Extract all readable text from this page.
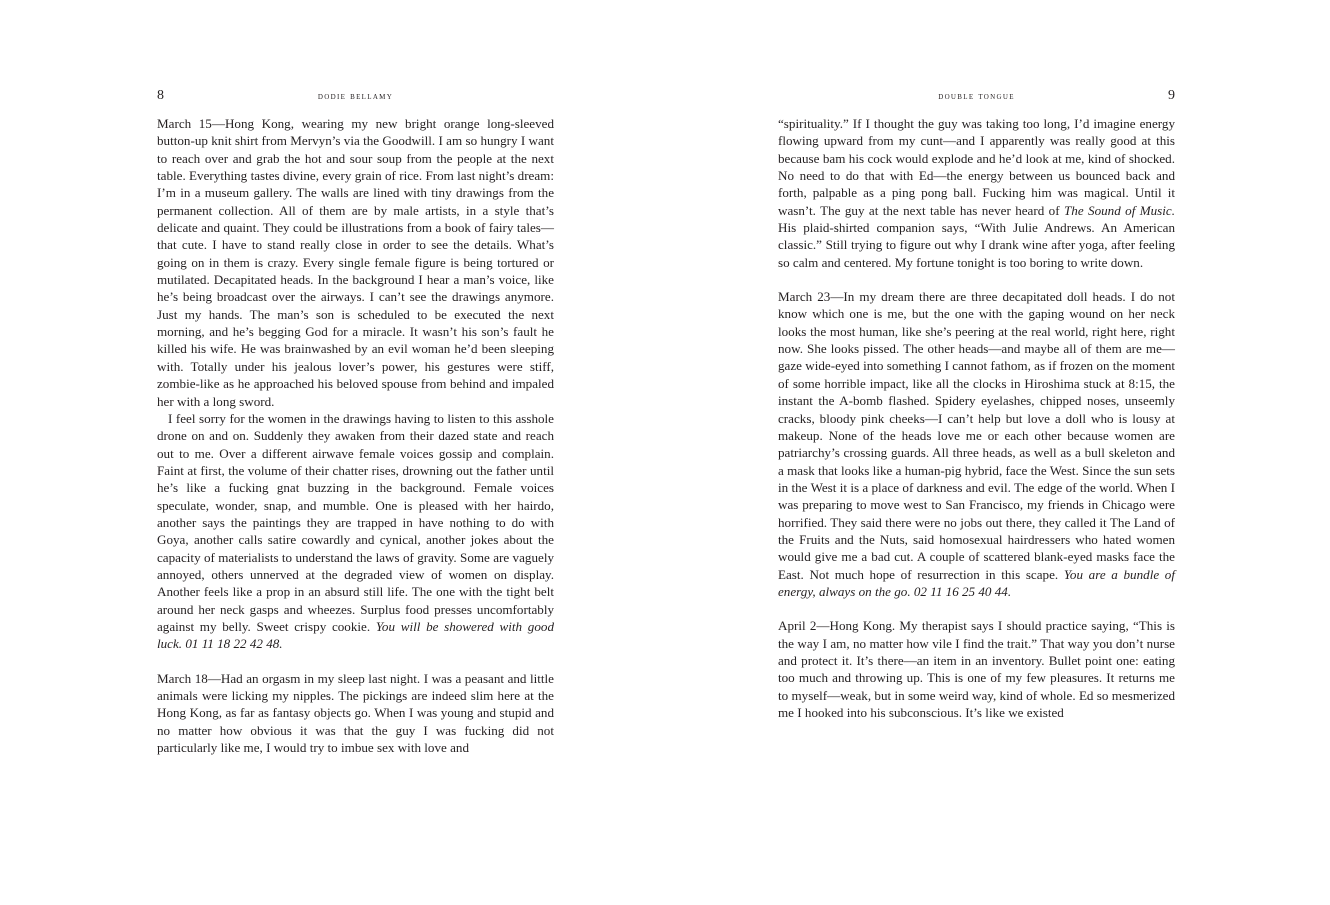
8	dodie bellamy

March 15—Hong Kong, wearing my new bright orange long-sleeved button-up knit shirt from Mervyn’s via the Goodwill. I am so hungry I want to reach over and grab the hot and sour soup from the people at the next table. Everything tastes divine, every grain of rice. From last night’s dream: I’m in a museum gallery. The walls are lined with tiny drawings from the permanent collection. All of them are by male artists, in a style that’s delicate and quaint. They could be illustrations from a book of fairy tales—that cute. I have to stand really close in order to see the details. What’s going on in them is crazy. Every single female figure is being tortured or mutilated. Decapitated heads. In the background I hear a man’s voice, like he’s being broadcast over the airways. I can’t see the drawings anymore. Just my hands. The man’s son is scheduled to be executed the next morning, and he’s begging God for a miracle. It wasn’t his son’s fault he killed his wife. He was brainwashed by an evil woman he’d been sleeping with. Totally under his jealous lover’s power, his gestures were stiff, zombie-like as he approached his beloved spouse from behind and impaled her with a long sword.

I feel sorry for the women in the drawings having to listen to this asshole drone on and on. Suddenly they awaken from their dazed state and reach out to me. Over a different airwave female voices gossip and complain. Faint at first, the volume of their chatter rises, drowning out the father until he’s like a fucking gnat buzzing in the background. Female voices speculate, wonder, snap, and mumble. One is pleased with her hairdo, another says the paintings they are trapped in have nothing to do with Goya, another calls satire cowardly and cynical, another jokes about the capacity of materialists to understand the laws of gravity. Some are vaguely annoyed, others unnerved at the degraded view of women on display. Another feels like a prop in an absurd still life. The one with the tight belt around her neck gasps and wheezes. Surplus food presses uncomfortably against my belly. Sweet crispy cookie. You will be showered with good luck. 01 11 18 22 42 48.

March 18—Had an orgasm in my sleep last night. I was a peasant and little animals were licking my nipples. The pickings are indeed slim here at the Hong Kong, as far as fantasy objects go. When I was young and stupid and no matter how obvious it was that the guy I was fucking did not particularly like me, I would try to imbue sex with love and

double tongue	9

“spirituality.” If I thought the guy was taking too long, I’d imagine energy flowing upward from my cunt—and I apparently was really good at this because bam his cock would explode and he’d look at me, kind of shocked. No need to do that with Ed—the energy between us bounced back and forth, palpable as a ping pong ball. Fucking him was magical. Until it wasn’t. The guy at the next table has never heard of The Sound of Music. His plaid-shirted companion says, “With Julie Andrews. An American classic.” Still trying to figure out why I drank wine after yoga, after feeling so calm and centered. My fortune tonight is too boring to write down.

March 23—In my dream there are three decapitated doll heads. I do not know which one is me, but the one with the gaping wound on her neck looks the most human, like she’s peering at the real world, right here, right now. She looks pissed. The other heads—and maybe all of them are me—gaze wide-eyed into something I cannot fathom, as if frozen on the moment of some horrible impact, like all the clocks in Hiroshima stuck at 8:15, the instant the A-bomb flashed. Spidery eyelashes, chipped noses, unseemly cracks, bloody pink cheeks—I can’t help but love a doll who is lousy at makeup. None of the heads love me or each other because women are patriarchy’s crossing guards. All three heads, as well as a bull skeleton and a mask that looks like a human-pig hybrid, face the West. Since the sun sets in the West it is a place of darkness and evil. The edge of the world. When I was preparing to move west to San Francisco, my friends in Chicago were horrified. They said there were no jobs out there, they called it The Land of the Fruits and the Nuts, said homosexual hairdressers who hated women would give me a bad cut. A couple of scattered blank-eyed masks face the East. Not much hope of resurrection in this scape. You are a bundle of energy, always on the go. 02 11 16 25 40 44.

April 2—Hong Kong. My therapist says I should practice saying, “This is the way I am, no matter how vile I find the trait.” That way you don’t nurse and protect it. It’s there—an item in an inventory. Bullet point one: eating too much and throwing up. This is one of my few pleasures. It returns me to myself—weak, but in some weird way, kind of whole. Ed so mesmerized me I hooked into his subconscious. It’s like we existed
